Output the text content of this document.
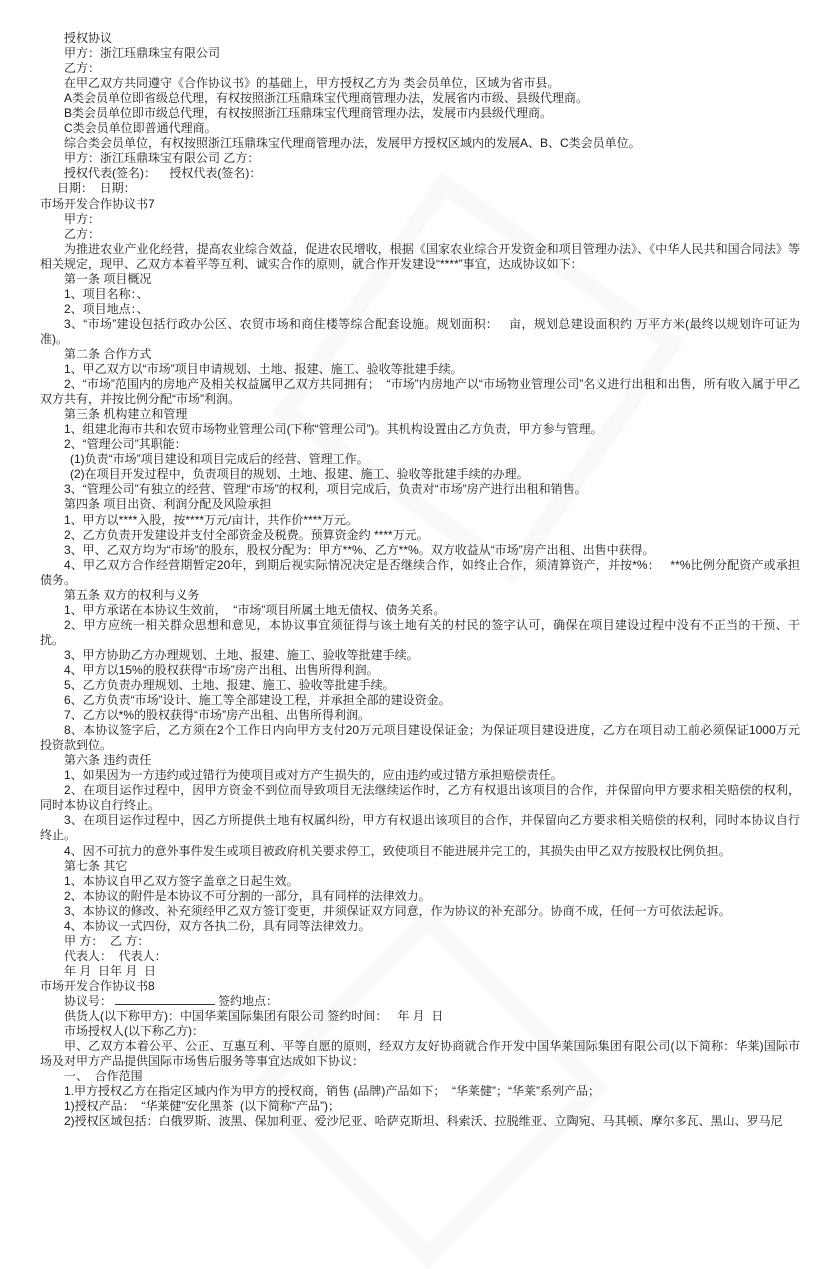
授权协议

甲方：浙江珏鼎珠宝有限公司

乙方：

在甲乙双方共同遵守《合作协议书》的基础上，甲方授权乙方为 类会员单位，区域为省市县。

A类会员单位即省级总代理，有权按照浙江珏鼎珠宝代理商管理办法，发展省内市级、县级代理商。

B类会员单位即市级总代理，有权按照浙江珏鼎珠宝代理商管理办法，发展市内县级代理商。

C类会员单位即普通代理商。

综合类会员单位，有权按照浙江珏鼎珠宝代理商管理办法，发展甲方授权区域内的发展A、B、C类会员单位。

甲方：浙江珏鼎珠宝有限公司 乙方：

授权代表(签名)：    授权代表(签名)：

日期：  日期：

市场开发合作协议书7

甲方：

乙方：

为推进农业产业化经营，提高农业综合效益，促进农民增收，根据《国家农业综合开发资金和项目管理办法》、《中华人民共和国合同法》等相关规定，现甲、乙双方本着平等互利、诚实合作的原则，就合作开发建设“****”事宜，达成协议如下：

第一条 项目概况

1、项目名称：、

2、项目地点：、

3、“市场”建设包括行政办公区、农贸市场和商住楼等综合配套设施。规划面积：   亩，规划总建设面积约 万平方米(最终以规划许可证为准)。

第二条 合作方式

1、甲乙双方以“市场”项目申请规划、土地、报建、施工、验收等批建手续。

2、“市场”范围内的房地产及相关权益属甲乙双方共同拥有；  “市场”内房地产以“市场物业管理公司”名义进行出租和出售，所有收入属于甲乙双方共有，并按比例分配“市场”利润。

第三条 机构建立和管理

1、组建北海市共和农贸市场物业管理公司(下称“管理公司”)。其机构设置由乙方负责，甲方参与管理。

2、“管理公司”其职能：

(1)负责“市场”项目建设和项目完成后的经营、管理工作。

(2)在项目开发过程中，负责项目的规划、土地、报建、施工、验收等批建手续的办理。

3、“管理公司”有独立的经营、管理“市场”的权利，项目完成后，负责对“市场”房产进行出租和销售。

第四条 项目出资、利润分配及风险承担

1、甲方以****入股，按****万元/亩计，共作价****万元。

2、乙方负责开发建设并支付全部资金及税费。预算资金约 ****万元。

3、甲、乙双方均为“市场”的股东，股权分配为：甲方**%、乙方**%。双方收益从“市场”房产出租、出售中获得。

4、甲乙双方合作经营期暂定20年，到期后视实际情况决定是否继续合作，如终止合作，须清算资产，并按*%：   **%比例分配资产或承担债务。

第五条 双方的权利与义务

1、甲方承诺在本协议生效前，  “市场”项目所属土地无债权、债务关系。

2、甲方应统一相关群众思想和意见，本协议事宜须征得与该土地有关的村民的签字认可，确保在项目建设过程中没有不正当的干预、干扰。

3、甲方协助乙方办理规划、土地、报建、施工、验收等批建手续。

4、甲方以15%的股权获得“市场”房产出租、出售所得利润。

5、乙方负责办理规划、土地、报建、施工、验收等批建手续。

6、乙方负责“市场”设计、施工等全部建设工程，并承担全部的建设资金。

7、乙方以*%的股权获得“市场”房产出租、出售所得利润。

8、本协议签字后，乙方须在2个工作日内向甲方支付20万元项目建设保证金；为保证项目建设进度，乙方在项目动工前必须保证1000万元投资款到位。

第六条 违约责任

1、如果因为一方违约或过错行为使项目或对方产生损失的，应由违约或过错方承担赔偿责任。

2、在项目运作过程中，因甲方资金不到位而导致项目无法继续运作时，乙方有权退出该项目的合作，并保留向甲方要求相关赔偿的权利，同时本协议自行终止。

3、在项目运作过程中，因乙方所提供土地有权属纠纷，甲方有权退出该项目的合作，并保留向乙方要求相关赔偿的权利，同时本协议自行终止。

4、因不可抗力的意外事件发生或项目被政府机关要求停工，致使项目不能进展并完工的，其损失由甲乙双方按股权比例负担。

第七条 其它

1、本协议自甲乙双方签字盖章之日起生效。

2、本协议的附件是本协议不可分割的一部分，具有同样的法律效力。

3、本协议的修改、补充须经甲乙双方签订变更，并须保证双方同意，作为协议的补充部分。协商不成，任何一方可依法起诉。

4、本协议一式四份，双方各执二份，具有同等法律效力。

甲 方：  乙 方：

代表人：  代表人：

年 月  日年 月  日

市场开发合作协议书8

协议号：	签约地点：

供货人(以下称甲方)：中国华莱国际集团有限公司 签约时间：   年 月  日

市场授权人(以下称乙方)：

甲、乙双方本着公平、公正、互惠互利、平等自愿的原则，经双方友好协商就合作开发中国华莱国际集团有限公司(以下简称：华莱)国际市场及对甲方产品提供国际市场售后服务等事宜达成如下协议：

一、  合作范围

1.甲方授权乙方在指定区域内作为甲方的授权商，销售 (品牌)产品如下；  “华莱健”；“华莱”系列产品；

1)授权产品：  “华莱健”安化黑茶  (以下简称“产品”)；

2)授权区域包括：白俄罗斯、波黑、保加利亚、爱沙尼亚、哈萨克斯坦、科索沃、拉脱维亚、立陶宛、马其顿、摩尔多瓦、黑山、罗马尼
